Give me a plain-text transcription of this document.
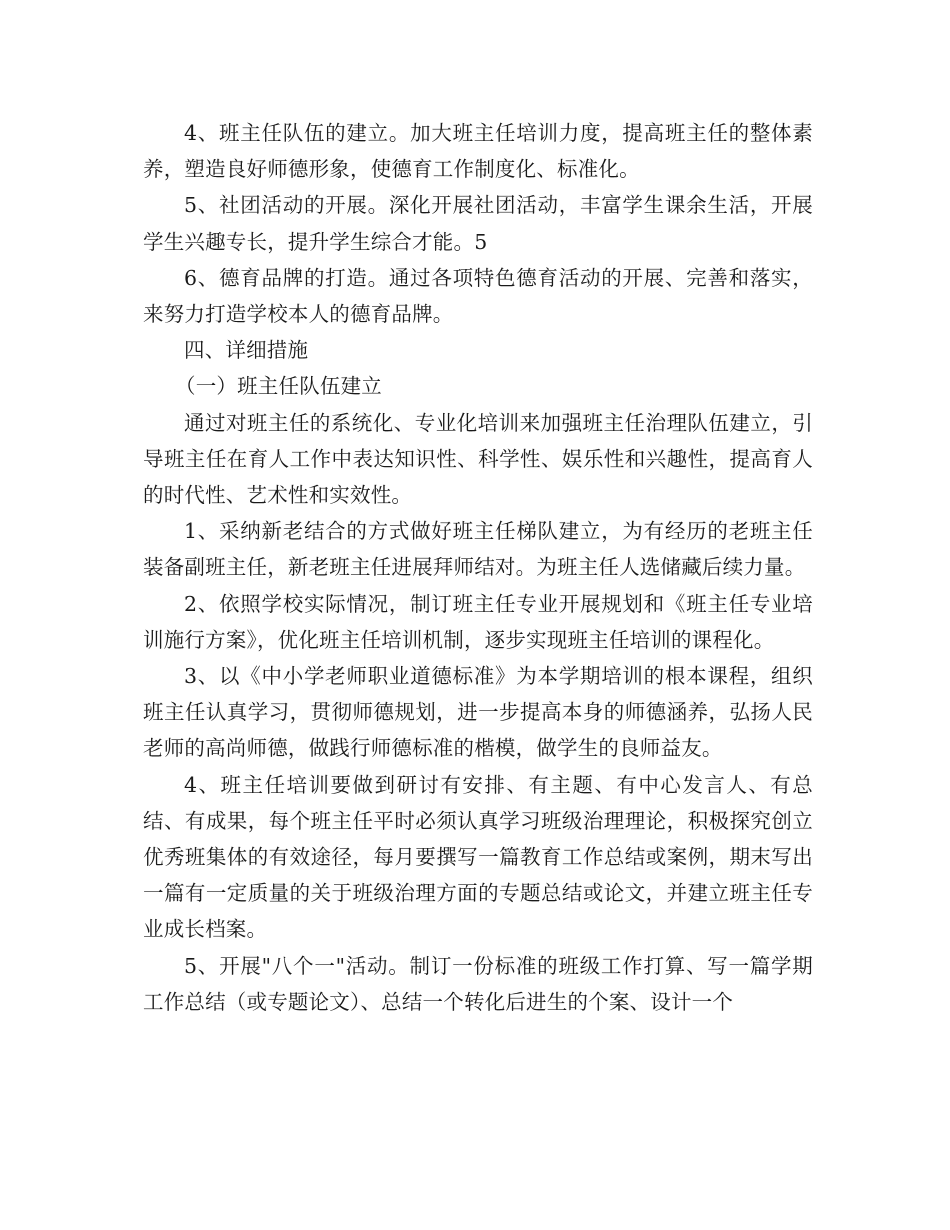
4、班主任队伍的建立。加大班主任培训力度，提高班主任的整体素养，塑造良好师德形象，使德育工作制度化、标准化。

5、社团活动的开展。深化开展社团活动，丰富学生课余生活，开展学生兴趣专长，提升学生综合才能。5

6、德育品牌的打造。通过各项特色德育活动的开展、完善和落实，来努力打造学校本人的德育品牌。

四、详细措施

（一）班主任队伍建立

通过对班主任的系统化、专业化培训来加强班主任治理队伍建立，引导班主任在育人工作中表达知识性、科学性、娱乐性和兴趣性，提高育人的时代性、艺术性和实效性。

1、采纳新老结合的方式做好班主任梯队建立，为有经历的老班主任装备副班主任，新老班主任进展拜师结对。为班主任人选储藏后续力量。

2、依照学校实际情况，制订班主任专业开展规划和《班主任专业培训施行方案》，优化班主任培训机制，逐步实现班主任培训的课程化。

3、以《中小学老师职业道德标准》为本学期培训的根本课程，组织班主任认真学习，贯彻师德规划，进一步提高本身的师德涵养，弘扬人民老师的高尚师德，做践行师德标准的楷模，做学生的良师益友。

4、班主任培训要做到研讨有安排、有主题、有中心发言人、有总结、有成果，每个班主任平时必须认真学习班级治理理论，积极探究创立优秀班集体的有效途径，每月要撰写一篇教育工作总结或案例，期末写出一篇有一定质量的关于班级治理方面的专题总结或论文，并建立班主任专业成长档案。

5、开展"八个一"活动。制订一份标准的班级工作打算、写一篇学期工作总结（或专题论文）、总结一个转化后进生的个案、设计一个
